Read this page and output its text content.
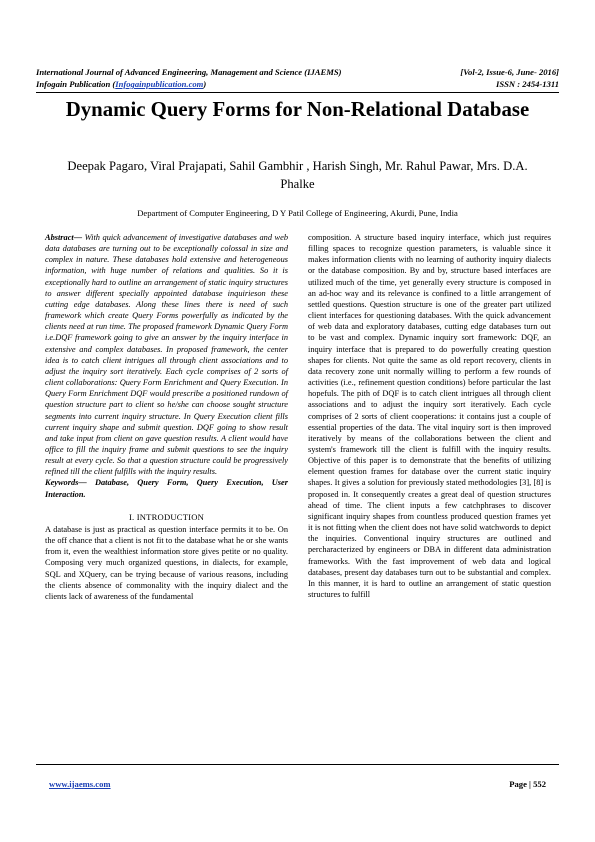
International Journal of Advanced Engineering, Management and Science (IJAEMS)	[Vol-2, Issue-6, June- 2016]
Infogain Publication (Infogainpublication.com)	ISSN : 2454-1311
Dynamic Query Forms for Non-Relational Database
Deepak Pagaro, Viral Prajapati, Sahil Gambhir , Harish Singh, Mr. Rahul Pawar, Mrs. D.A. Phalke
Department of Computer Engineering, D Y Patil College of Engineering, Akurdi, Pune, India

Abstract— With quick advancement of investigative databases and web data databases are turning out to be exceptionally colossal in size and complex in nature. These databases hold extensive and heterogeneous information, with huge number of relations and qualities. So it is exceptionally hard to outline an arrangement of static inquiry structures to answer different specially appointed database inquirieson these cutting edge databases. Along these lines there is need of such framework which create Query Forms powerfully as indicated by the clients need at run time. The proposed framework Dynamic Query Form i.e.DQF framework going to give an answer by the inquiry interface in extensive and complex databases. In proposed framework, the center idea is to catch client intrigues all through client associations and to adjust the inquiry sort iteratively. Each cycle comprises of 2 sorts of client collaborations: Query Form Enrichment and Query Execution. In Query Form Enrichment DQF would prescribe a positioned rundown of question structure part to client so he/she can choose sought structure segments into current inquiry structure. In Query Execution client fills current inquiry shape and submit question. DQF going to show result and take input from client on gave question results. A client would have office to fill the inquiry frame and submit questions to see the inquiry result at every cycle. So that a question structure could be progressively refined till the client fulfills with the inquiry results.

Keywords— Database, Query Form, Query Execution, User Interaction.

I. INTRODUCTION

A database is just as practical as question interface permits it to be. On the off chance that a client is not fit to the database what he or she wants from it, even the wealthiest information store gives petite or no quality. Composing very much organized questions, in dialects, for example, SQL and XQuery, can be trying because of various reasons, including the clients absence of commonality with the inquiry dialect and the clients lack of awareness of the fundamental

composition. A structure based inquiry interface, which just requires filling spaces to recognize question parameters, is valuable since it makes information clients with no learning of authority inquiry dialects or the database composition. By and by, structure based interfaces are utilized much of the time, yet generally every structure is composed in an ad-hoc way and its relevance is confined to a little arrangement of settled questions. Question structure is one of the greater part utilized client interfaces for questioning databases. With the quick advancement of web data and exploratory databases, cutting edge databases turn out to be vast and complex. Dynamic inquiry sort framework: DQF, an inquiry interface that is prepared to do powerfully creating question shapes for clients. Not quite the same as old report recovery, clients in data recovery zone unit normally willing to perform a few rounds of activities (i.e., refinement question conditions) before particular the last hopefuls. The pith of DQF is to catch client intrigues all through client associations and to adjust the inquiry sort iteratively. Each cycle comprises of 2 sorts of client cooperations: it contains just a couple of essential properties of the data. The vital inquiry sort is then improved iteratively by means of the collaborations between the client and system's framework till the client is fulfill with the inquiry results. Objective of this paper is to demonstrate that the benefits of utilizing element question frames for database over the current static inquiry shapes. It gives a solution for previously stated methodologies [3], [8] is proposed in. It consequently creates a great deal of question structures ahead of time. The client inputs a few catchphrases to discover significant inquiry shapes from countless produced question frames yet it is not fitting when the client does not have solid watchwords to depict the inquiries. Conventional inquiry structures are outlined and percharacterized by engineers or DBA in different data administration frameworks. With the fast improvement of web data and logical databases, present day databases turn out to be substantial and complex. In this manner, it is hard to outline an arrangement of static question structures to fulfill

www.ijaems.com	Page | 552
